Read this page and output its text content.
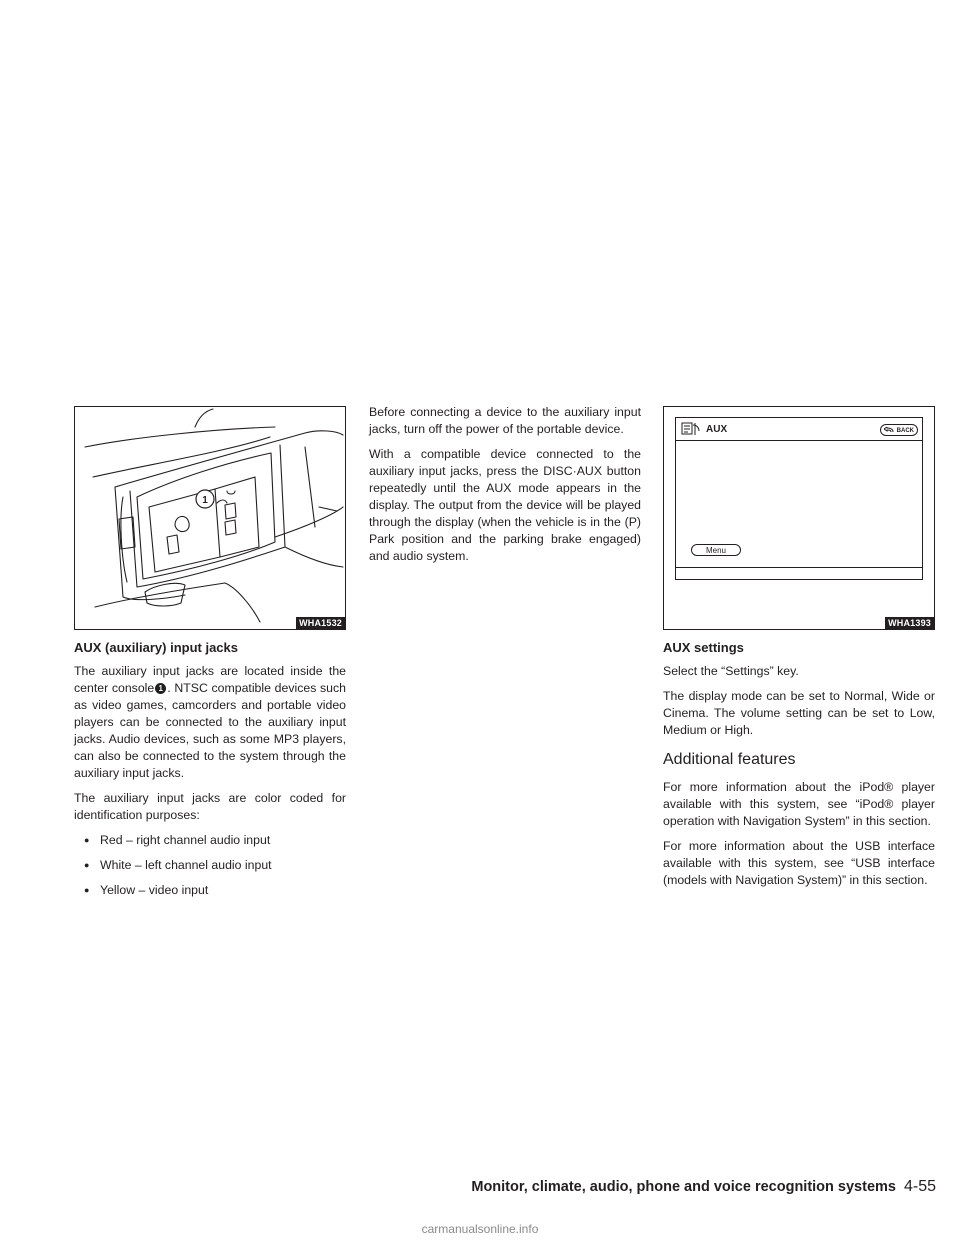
1
WHA1532
AUX (auxiliary) input jacks

The auxiliary input jacks are located inside the center console 1 . NTSC compatible devices such as video games, camcorders and portable video players can be connected to the auxiliary input jacks. Audio devices, such as some MP3 players, can also be connected to the system through the auxiliary input jacks.

The auxiliary input jacks are color coded for identification purposes:

● Red – right channel audio input
● White – left channel audio input
● Yellow – video input

Before connecting a device to the auxiliary input jacks, turn off the power of the portable device.

With a compatible device connected to the auxiliary input jacks, press the DISC·AUX button repeatedly until the AUX mode appears in the display. The output from the device will be played through the display (when the vehicle is in the (P) Park position and the parking brake engaged) and audio system.

AUX	BACK
Menu
WHA1393
AUX settings

Select the “Settings” key.

The display mode can be set to Normal, Wide or Cinema. The volume setting can be set to Low, Medium or High.

Additional features

For more information about the iPod® player available with this system, see “iPod® player operation with Navigation System” in this section.

For more information about the USB interface available with this system, see “USB interface (models with Navigation System)” in this section.

Monitor, climate, audio, phone and voice recognition systems 4-55
carmanualsonline.info
